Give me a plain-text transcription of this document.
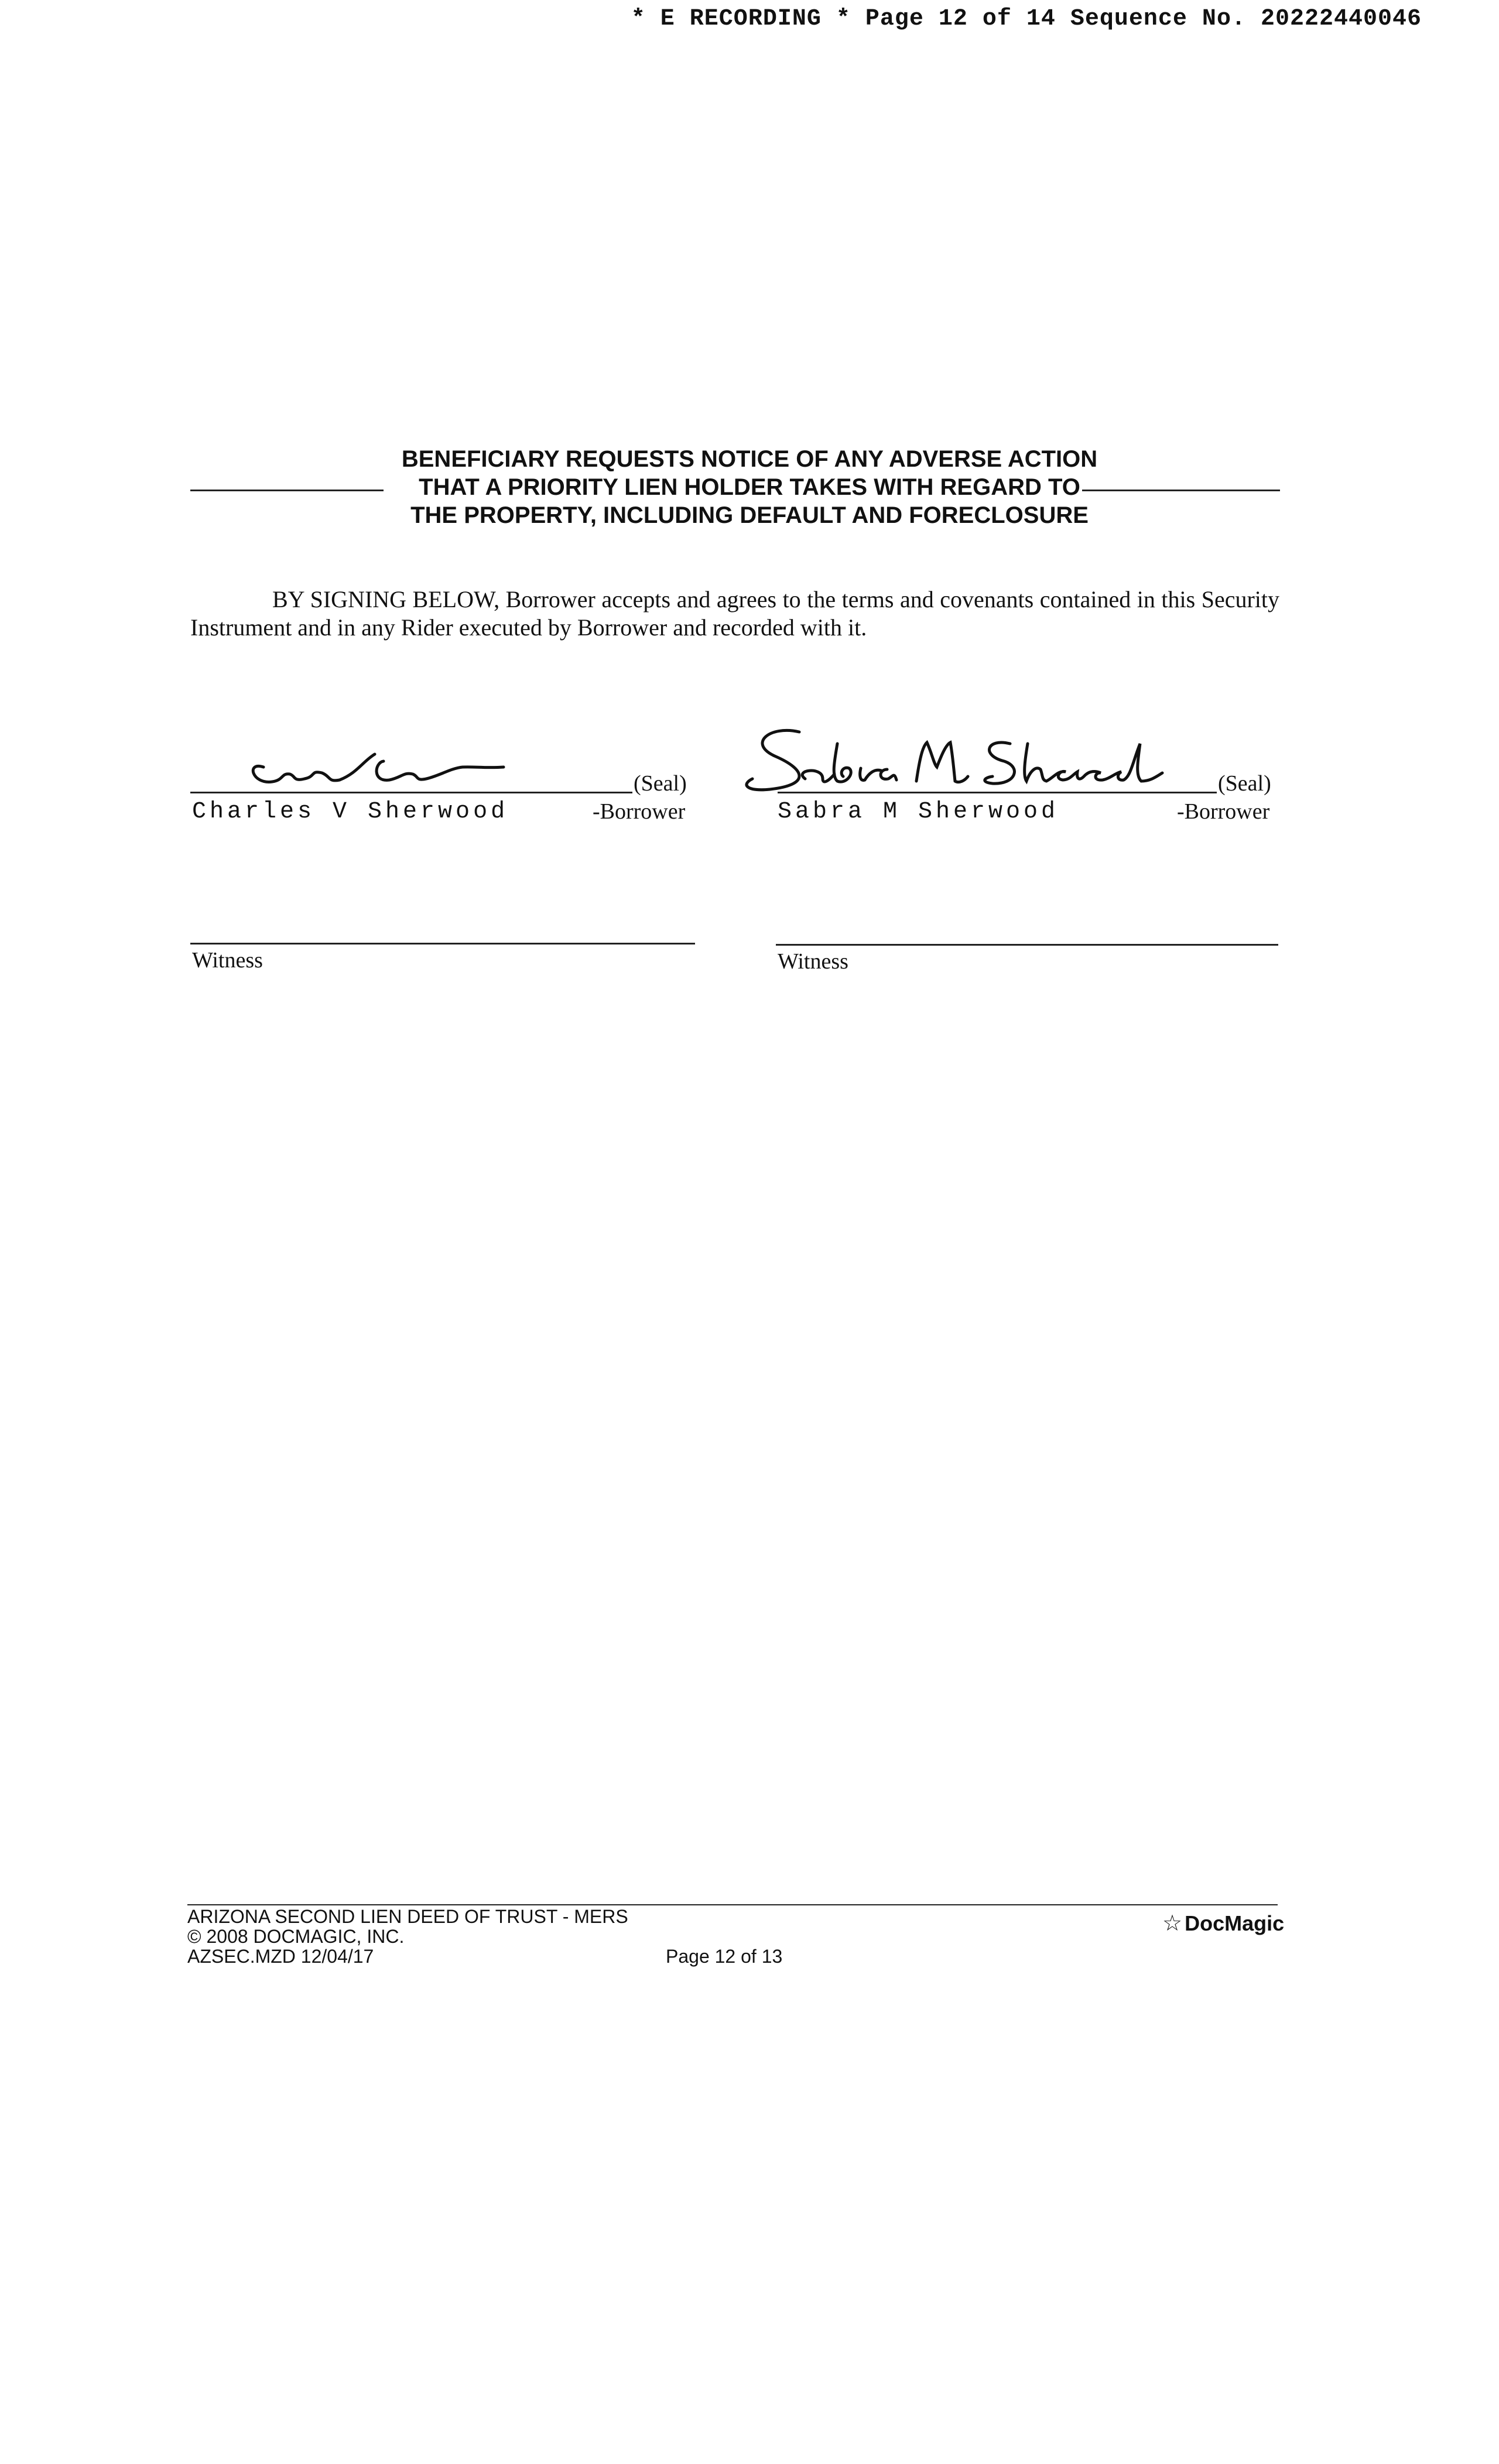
* E RECORDING * Page 12 of 14 Sequence No. 20222440046
BENEFICIARY REQUESTS NOTICE OF ANY ADVERSE ACTION
THAT A PRIORITY LIEN HOLDER TAKES WITH REGARD TO
THE PROPERTY, INCLUDING DEFAULT AND FORECLOSURE
BY SIGNING BELOW, Borrower accepts and agrees to the terms and covenants contained in this Security Instrument and in any Rider executed by Borrower and recorded with it.
(Seal)
Charles V Sherwood	-Borrower
(Seal)
Sabra M Sherwood	-Borrower
Witness	Witness
ARIZONA SECOND LIEN DEED OF TRUST - MERS
© 2008 DOCMAGIC, INC.
AZSEC.MZD 12/04/17	Page 12 of 13
☆ DocMagic
